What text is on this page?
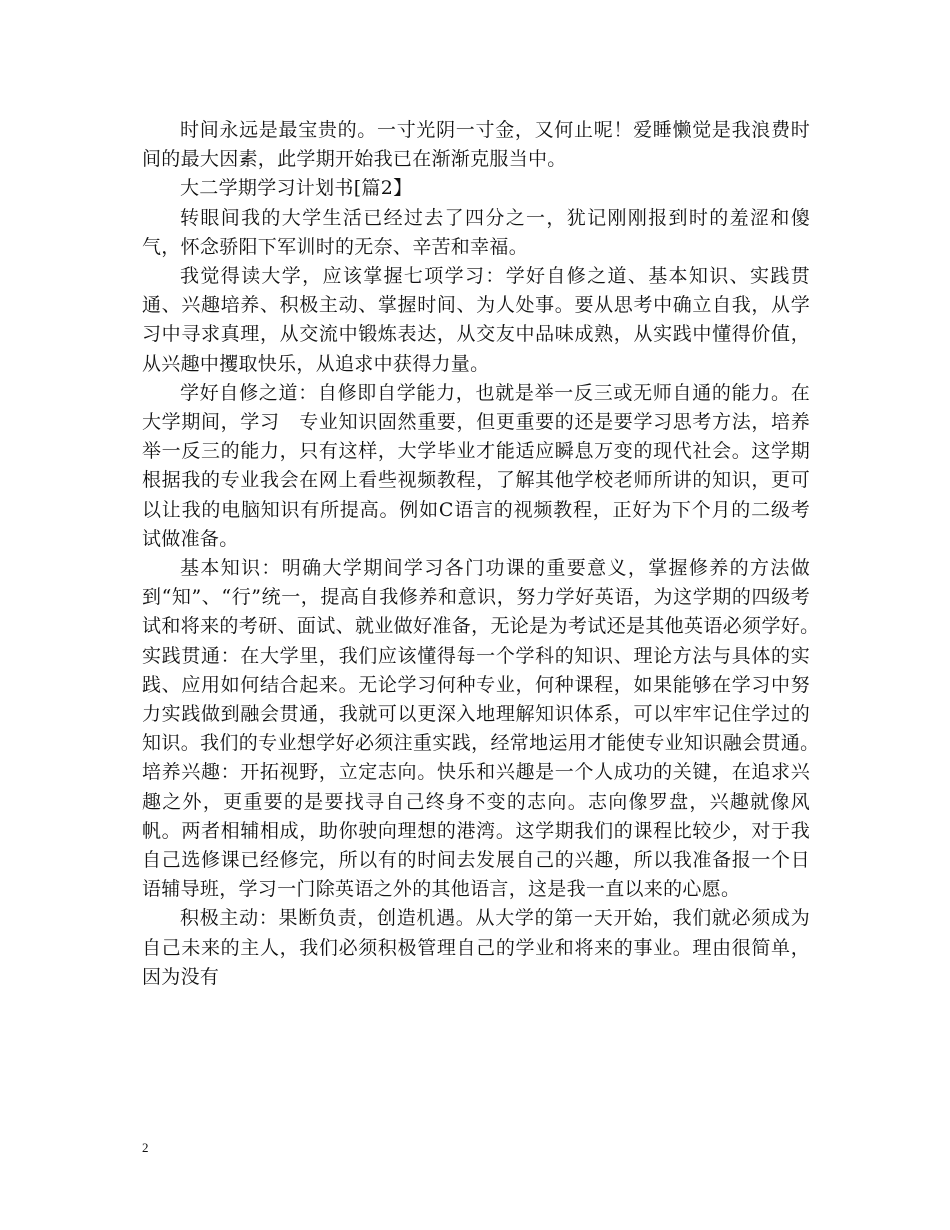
时间永远是最宝贵的。一寸光阴一寸金，又何止呢！爱睡懒觉是我浪费时间的最大因素，此学期开始我已在渐渐克服当中。

大二学期学习计划书[篇2】

转眼间我的大学生活已经过去了四分之一，犹记刚刚报到时的羞涩和傻气，怀念骄阳下军训时的无奈、辛苦和幸福。

我觉得读大学，应该掌握七项学习：学好自修之道、基本知识、实践贯通、兴趣培养、积极主动、掌握时间、为人处事。要从思考中确立自我，从学习中寻求真理，从交流中锻炼表达，从交友中品味成熟，从实践中懂得价值，从兴趣中攫取快乐，从追求中获得力量。

学好自修之道：自修即自学能力，也就是举一反三或无师自通的能力。在大学期间，学习　专业知识固然重要，但更重要的还是要学习思考方法，培养举一反三的能力，只有这样，大学毕业才能适应瞬息万变的现代社会。这学期根据我的专业我会在网上看些视频教程，了解其他学校老师所讲的知识，更可以让我的电脑知识有所提高。例如C语言的视频教程，正好为下个月的二级考试做准备。

基本知识：明确大学期间学习各门功课的重要意义，掌握修养的方法做到“知”、“行”统一，提高自我修养和意识，努力学好英语，为这学期的四级考试和将来的考研、面试、就业做好准备，无论是为考试还是其他英语必须学好。　实践贯通：在大学里，我们应该懂得每一个学科的知识、理论方法与具体的实践、应用如何结合起来。无论学习何种专业，何种课程，如果能够在学习中努力实践做到融会贯通，我就可以更深入地理解知识体系，可以牢牢记住学过的知识。我们的专业想学好必须注重实践，经常地运用才能使专业知识融会贯通。　培养兴趣：开拓视野，立定志向。快乐和兴趣是一个人成功的关键，在追求兴趣之外，更重要的是要找寻自己终身不变的志向。志向像罗盘，兴趣就像风帆。两者相辅相成，助你驶向理想的港湾。这学期我们的课程比较少，对于我自己选修课已经修完，所以有的时间去发展自己的兴趣，所以我准备报一个日语辅导班，学习一门除英语之外的其他语言，这是我一直以来的心愿。

积极主动：果断负责，创造机遇。从大学的第一天开始，我们就必须成为自己未来的主人，我们必须积极管理自己的学业和将来的事业。理由很简单，因为没有

2
